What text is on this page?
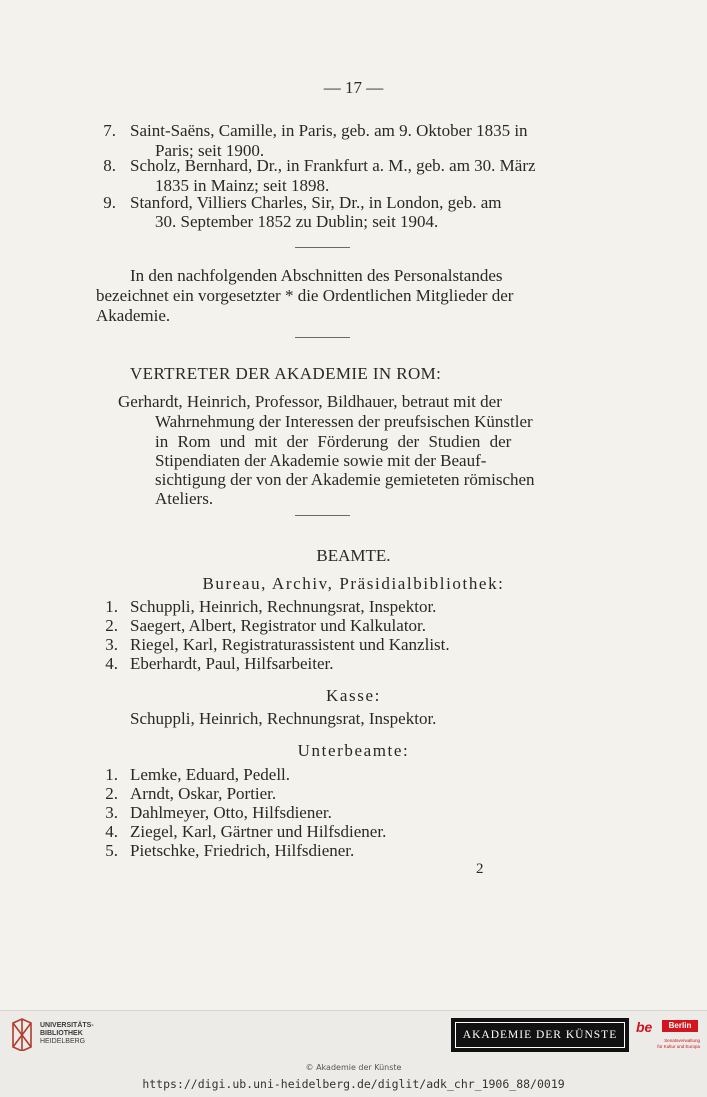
— 17 —
7. Saint-Saëns, Camille, in Paris, geb. am 9. Oktober 1835 in
Paris; seit 1900.
8. Scholz, Bernhard, Dr., in Frankfurt a. M., geb. am 30. März
1835 in Mainz; seit 1898.
9. Stanford, Villiers Charles, Sir, Dr., in London, geb. am
30. September 1852 zu Dublin; seit 1904.
In den nachfolgenden Abschnitten des Personalstandes
bezeichnet ein vorgesetzter * die Ordentlichen Mitglieder der
Akademie.
VERTRETER DER AKADEMIE IN ROM:
Gerhardt, Heinrich, Professor, Bildhauer, betraut mit der
Wahrnehmung der Interessen der preufsischen Künstler
in Rom und mit der Förderung der Studien der
Stipendiaten der Akademie sowie mit der Beauf-
sichtigung der von der Akademie gemieteten römischen
Ateliers.
BEAMTE.
Bureau, Archiv, Präsidialbibliothek:
1. Schuppli, Heinrich, Rechnungsrat, Inspektor.
2. Saegert, Albert, Registrator und Kalkulator.
3. Riegel, Karl, Registraturassistent und Kanzlist.
4. Eberhardt, Paul, Hilfsarbeiter.
Kasse:
Schuppli, Heinrich, Rechnungsrat, Inspektor.
Unterbeamte:
1. Lemke, Eduard, Pedell.
2. Arndt, Oskar, Portier.
3. Dahlmeyer, Otto, Hilfsdiener.
4. Ziegel, Karl, Gärtner und Hilfsdiener.
5. Pietschke, Friedrich, Hilfsdiener.
2
UNIVERSITÄTS-
BIBLIOTHEK
HEIDELBERG
AKADEMIE DER KÜNSTE	be	Berlin
Senatsverwaltung
für Kultur und Europa
© Akademie der Künste
https://digi.ub.uni-heidelberg.de/diglit/adk_chr_1906_88/0019
